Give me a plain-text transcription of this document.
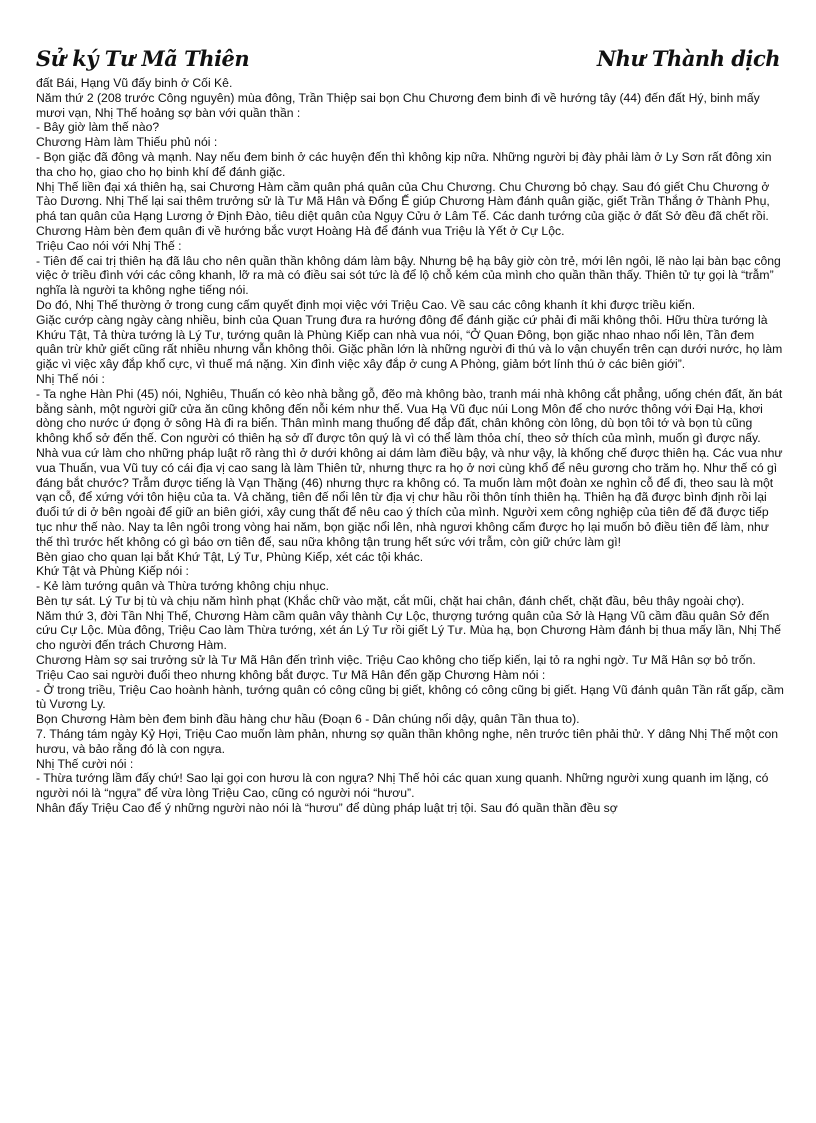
Sử ký Tư Mã Thiên	Như Thành dịch

đất Bái, Hạng Vũ đấy binh ở Cối Kê.

Năm thứ 2 (208 trước Công nguyên) mùa đông, Trần Thiệp sai bọn Chu Chương đem binh đi về hướng tây (44) đến đất Hý, binh mấy mươi vạn, Nhị Thế hoảng sợ bàn với quần thần :

- Bây giờ làm thế nào?

Chương Hàm làm Thiếu phủ nói :

- Bọn giặc đã đông và mạnh. Nay nếu đem binh ở các huyện đến thì không kịp nữa. Những người bị đày phải làm ở Ly Sơn rất đông xin tha cho họ, giao cho họ binh khí để đánh giặc.

Nhị Thế liền đại xá thiên hạ, sai Chương Hàm cầm quân phá quân của Chu Chương. Chu Chương bỏ chạy. Sau đó giết Chu Chương ở Tào Dương. Nhị Thế lại sai thêm trưởng sử là Tư Mã Hân và Đổng Ế giúp Chương Hàm đánh quân giặc, giết Trần Thắng ở Thành Phụ, phá tan quân của Hạng Lương ở Định Đào, tiêu diệt quân của Ngụy Cửu ở Lâm Tế. Các danh tướng của giặc ở đất Sở đều đã chết rồi. Chương Hàm bèn đem quân đi về hướng bắc vượt Hoàng Hà để đánh vua Triệu là Yết ở Cự Lộc.

Triệu Cao nói với Nhị Thế :

- Tiên đế cai trị thiên hạ đã lâu cho nên quần thần không dám làm bậy. Nhưng bệ hạ bây giờ còn trẻ, mới lên ngôi, lẽ nào lại bàn bạc công việc ở triều đình với các công khanh, lỡ ra mà có điều sai sót tức là để lộ chỗ kém của mình cho quần thần thấy. Thiên tử tự gọi là “trẫm” nghĩa là người ta không nghe tiếng nói.

Do đó, Nhị Thế thường ở trong cung cấm quyết định mọi việc với Triệu Cao. Về sau các công khanh ít khi được triều kiến.

Giặc cướp càng ngày càng nhiều, binh của Quan Trung đưa ra hướng đông để đánh giặc cứ phải đi mãi không thôi. Hữu thừa tướng là Khứu Tật, Tả thừa tướng là Lý Tư, tướng quân là Phùng Kiếp can nhà vua nói, “Ở Quan Đông, bọn giặc nhao nhao nổi lên, Tần đem quân trừ khử giết cũng rất nhiều nhưng vẫn không thôi. Giặc phần lớn là những người đi thú và lo vận chuyển trên cạn dưới nước, họ làm giặc vì việc xây đắp khổ cực, vì thuế má nặng. Xin đình việc xây đắp ở cung A Phòng, giảm bớt lính thú ở các biên giới”.

Nhị Thế nói :

- Ta nghe Hàn Phi (45) nói, Nghiêu, Thuấn có kèo nhà bằng gỗ, đẽo mà không bào, tranh mái nhà không cắt phẳng, uống chén đất, ăn bát bằng sành, một người giữ cửa ăn cũng không đến nỗi kém như thế. Vua Hạ Vũ đục núi Long Môn để cho nước thông với Đại Hạ, khơi dòng cho nước ứ đọng ở sông Hà đi ra biển. Thân mình mang thuổng để đắp đất, chân không còn lông, dù bọn tôi tớ và bọn tù cũng không khổ sở đến thế. Con người có thiên hạ sở dĩ được tôn quý là vì có thể làm thỏa chí, theo sở thích của mình, muốn gì được nấy. Nhà vua cứ làm cho những pháp luật rõ ràng thì ở dưới không ai dám làm điều bậy, và như vậy, là khống chế được thiên hạ. Các vua như vua Thuấn, vua Vũ tuy có cái địa vị cao sang là làm Thiên tử, nhưng thực ra họ ở nơi cùng khổ để nêu gương cho trăm họ. Như thế có gì đáng bắt chước? Trẫm được tiếng là Vạn Thặng (46) nhưng thực ra không có. Ta muốn làm một đoàn xe nghìn cỗ để đi, theo sau là một vạn cỗ, để xứng với tôn hiệu của ta. Vả chăng, tiên đế nổi lên từ địa vị chư hầu rồi thôn tính thiên hạ. Thiên hạ đã được bình định rồi lại đuổi tứ di ở bên ngoài để giữ an biên giới, xây cung thất để nêu cao ý thích của mình. Người xem công nghiệp của tiên đế đã được tiếp tục như thế nào. Nay ta lên ngôi trong vòng hai năm, bọn giặc nổi lên, nhà ngươi không cấm được họ lại muốn bỏ điều tiên đế làm, như thế thì trước hết không có gì báo ơn tiên đế, sau nữa không tận trung hết sức với trẫm, còn giữ chức làm gì!

Bèn giao cho quan lại bắt Khứ Tật, Lý Tư, Phùng Kiếp, xét các tội khác.

Khứ Tật và Phùng Kiếp nói :

- Kẻ làm tướng quân và Thừa tướng không chịu nhục.

Bèn tự sát. Lý Tư bị tù và chịu năm hình phạt (Khắc chữ vào mặt, cắt mũi, chặt hai chân, đánh chết, chặt đầu, bêu thây ngoài chợ).

Năm thứ 3, đời Tần Nhị Thế, Chương Hàm cầm quân vây thành Cự Lộc, thượng tướng quân của Sở là Hạng Vũ cầm đầu quân Sở đến cứu Cự Lộc. Mùa đông, Triệu Cao làm Thừa tướng, xét án Lý Tư rồi giết Lý Tư. Mùa hạ, bọn Chương Hàm đánh bị thua mấy lần, Nhị Thế cho người đến trách Chương Hàm.

Chương Hàm sợ sai trưởng sử là Tư Mã Hân đến trình việc. Triệu Cao không cho tiếp kiến, lại tỏ ra nghi ngờ. Tư Mã Hân sợ bỏ trốn. Triệu Cao sai người đuổi theo nhưng không bắt được. Tư Mã Hân đến gặp Chương Hàm nói :

- Ở trong triều, Triệu Cao hoành hành, tướng quân có công cũng bị giết, không có công cũng bị giết. Hạng Vũ đánh quân Tần rất gấp, cầm tù Vương Ly.

Bọn Chương Hàm bèn đem binh đầu hàng chư hầu (Đoạn 6 - Dân chúng nổi dậy, quân Tần thua to).

7. Tháng tám ngày Kỷ Hợi, Triệu Cao muốn làm phản, nhưng sợ quần thần không nghe, nên trước tiên phải thử. Y dâng Nhị Thế một con hươu, và bảo rằng đó là con ngựa.

Nhị Thế cười nói :

- Thừa tướng lầm đấy chứ! Sao lại gọi con hươu là con ngựa? Nhị Thế hỏi các quan xung quanh. Những người xung quanh im lặng, có người nói là “ngựa” để vừa lòng Triệu Cao, cũng có người nói “hươu”.

Nhân đấy Triệu Cao để ý những người nào nói là “hươu” để dùng pháp luật trị tội. Sau đó quần thần đều sợ
